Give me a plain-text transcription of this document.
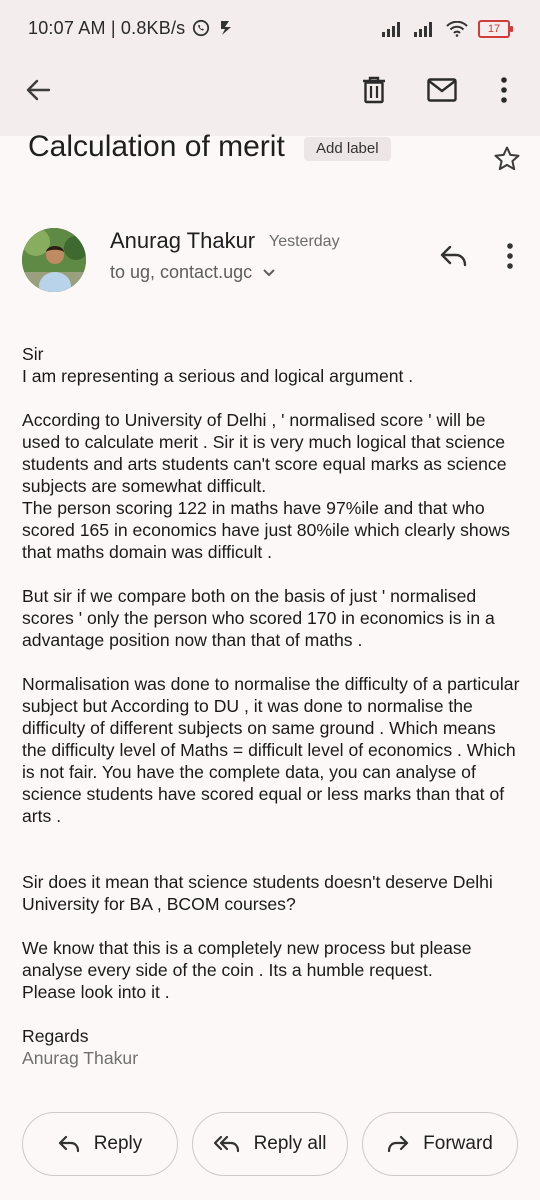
10:07 AM | 0.8KB/s	17
Calculation of merit	Add label
Anurag Thakur Yesterday
to ug, contact.ugc

Sir
I am representing a serious and logical argument .

According to University of Delhi , ' normalised score ' will be used to calculate merit . Sir it is very much logical that science students and arts students can't score equal marks as science subjects are somewhat difficult.
The person scoring 122 in maths have 97%ile and that who scored 165 in economics have just 80%ile which clearly shows that maths domain was difficult .

But sir if we compare both on the basis of just ' normalised scores ' only the person who scored 170 in economics is in a advantage position now than that of maths .

Normalisation was done to normalise the difficulty of a particular subject but According to DU , it was done to normalise the difficulty of different subjects on same ground . Which means the difficulty level of Maths = difficult level of economics . Which is not fair. You have the complete data, you can analyse of science students have scored equal or less marks than that of arts .

Sir does it mean that science students doesn't deserve Delhi University for BA , BCOM courses?

We know that this is a completely new process but please analyse every side of the coin . Its a humble request.
Please look into it .

Regards

Anurag Thakur

Reply	Reply all	Forward
